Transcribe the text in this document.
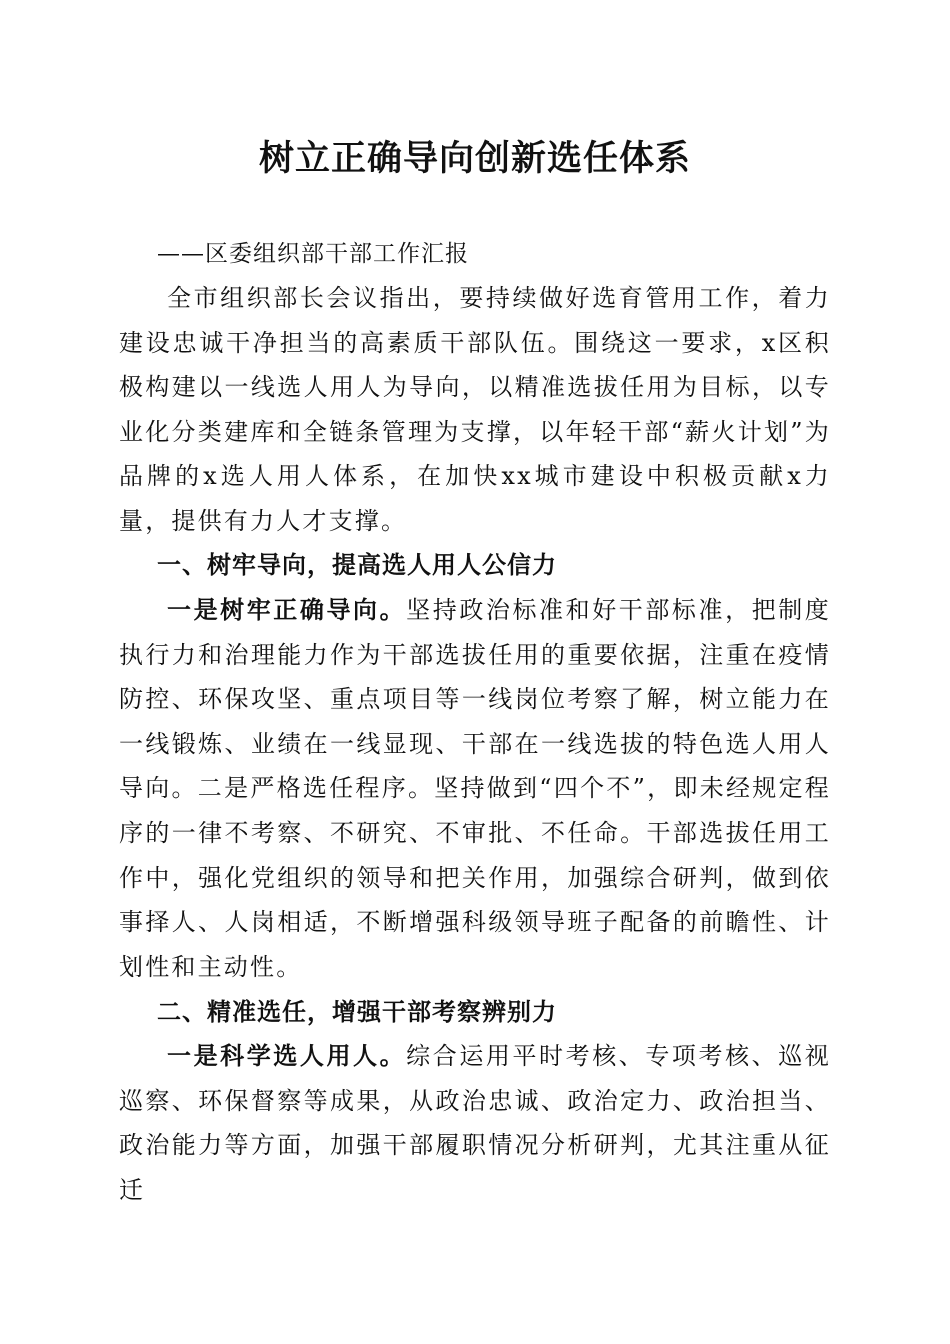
树立正确导向创新选任体系

——区委组织部干部工作汇报

全市组织部长会议指出，要持续做好选育管用工作，着力建设忠诚干净担当的高素质干部队伍。围绕这一要求，x区积极构建以一线选人用人为导向，以精准选拔任用为目标，以专业化分类建库和全链条管理为支撑，以年轻干部“薪火计划”为品牌的x选人用人体系，在加快xx城市建设中积极贡献x力量，提供有力人才支撑。

一、树牢导向，提高选人用人公信力

一是树牢正确导向。坚持政治标准和好干部标准，把制度执行力和治理能力作为干部选拔任用的重要依据，注重在疫情防控、环保攻坚、重点项目等一线岗位考察了解，树立能力在一线锻炼、业绩在一线显现、干部在一线选拔的特色选人用人导向。二是严格选任程序。坚持做到“四个不”，即未经规定程序的一律不考察、不研究、不审批、不任命。干部选拔任用工作中，强化党组织的领导和把关作用，加强综合研判，做到依事择人、人岗相适，不断增强科级领导班子配备的前瞻性、计划性和主动性。

二、精准选任，增强干部考察辨别力

一是科学选人用人。综合运用平时考核、专项考核、巡视巡察、环保督察等成果，从政治忠诚、政治定力、政治担当、政治能力等方面，加强干部履职情况分析研判，尤其注重从征迁
